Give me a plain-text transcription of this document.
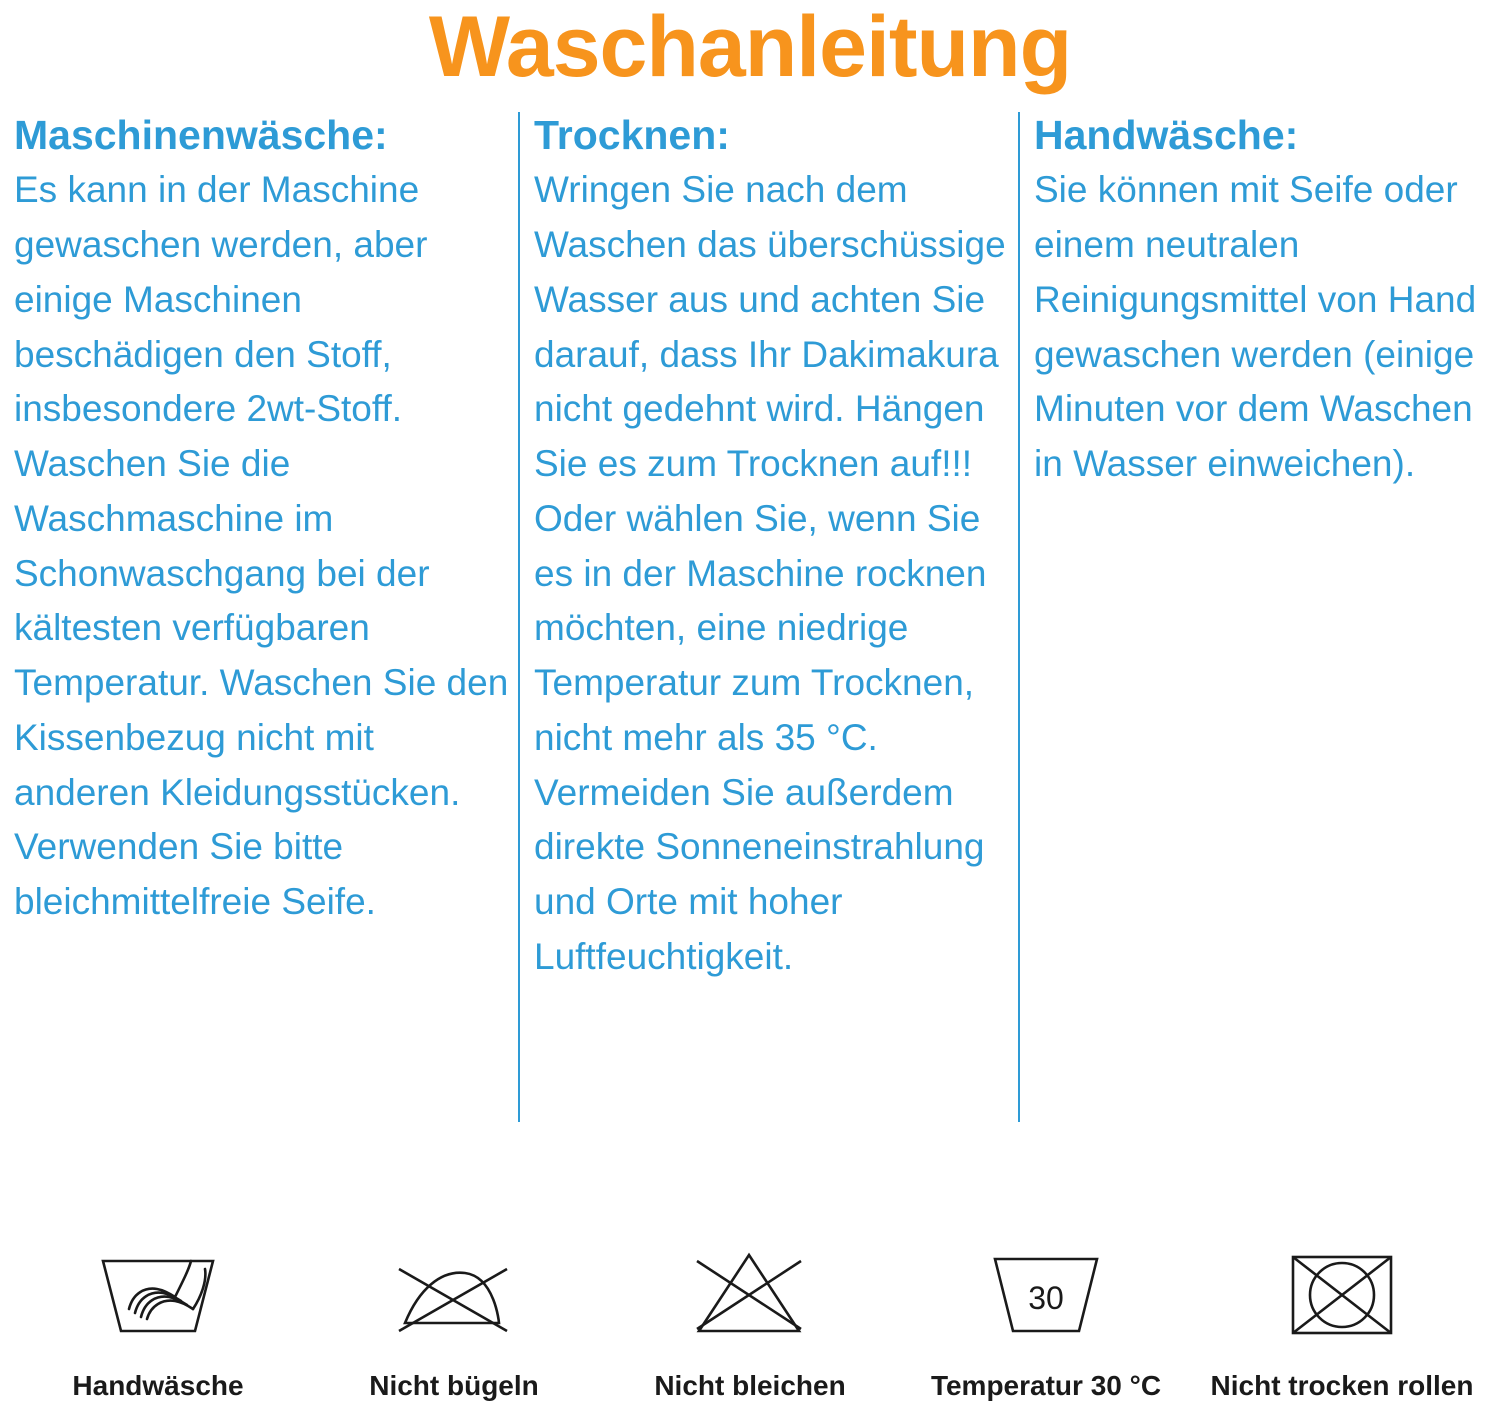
Waschanleitung
Maschinenwäsche:
Es kann in der Maschine gewaschen werden, aber einige Maschinen beschädigen den Stoff, insbesondere 2wt-Stoff. Waschen Sie die Waschmaschine im Schonwaschgang bei der kältesten verfügbaren Temperatur. Waschen Sie den Kissenbezug nicht mit anderen Kleidungsstücken. Verwenden Sie bitte bleichmittelfreie Seife.
Trocknen:
Wringen Sie nach dem Waschen das überschüssige Wasser aus und achten Sie darauf, dass Ihr Dakimakura nicht gedehnt wird. Hängen Sie es zum Trocknen auf!!! Oder wählen Sie, wenn Sie es in der Maschine rocknen möchten, eine niedrige Temperatur zum Trocknen, nicht mehr als 35 °C. Vermeiden Sie außerdem direkte Sonneneinstrahlung und Orte mit hoher Luftfeuchtigkeit.
Handwäsche:
Sie können mit Seife oder einem neutralen Reinigungsmittel von Hand gewaschen werden (einige Minuten vor dem Waschen in Wasser einweichen).
Handwäsche	Nicht bügeln	Nicht bleichen
30
Temperatur 30 °C Nicht trocken rollen
